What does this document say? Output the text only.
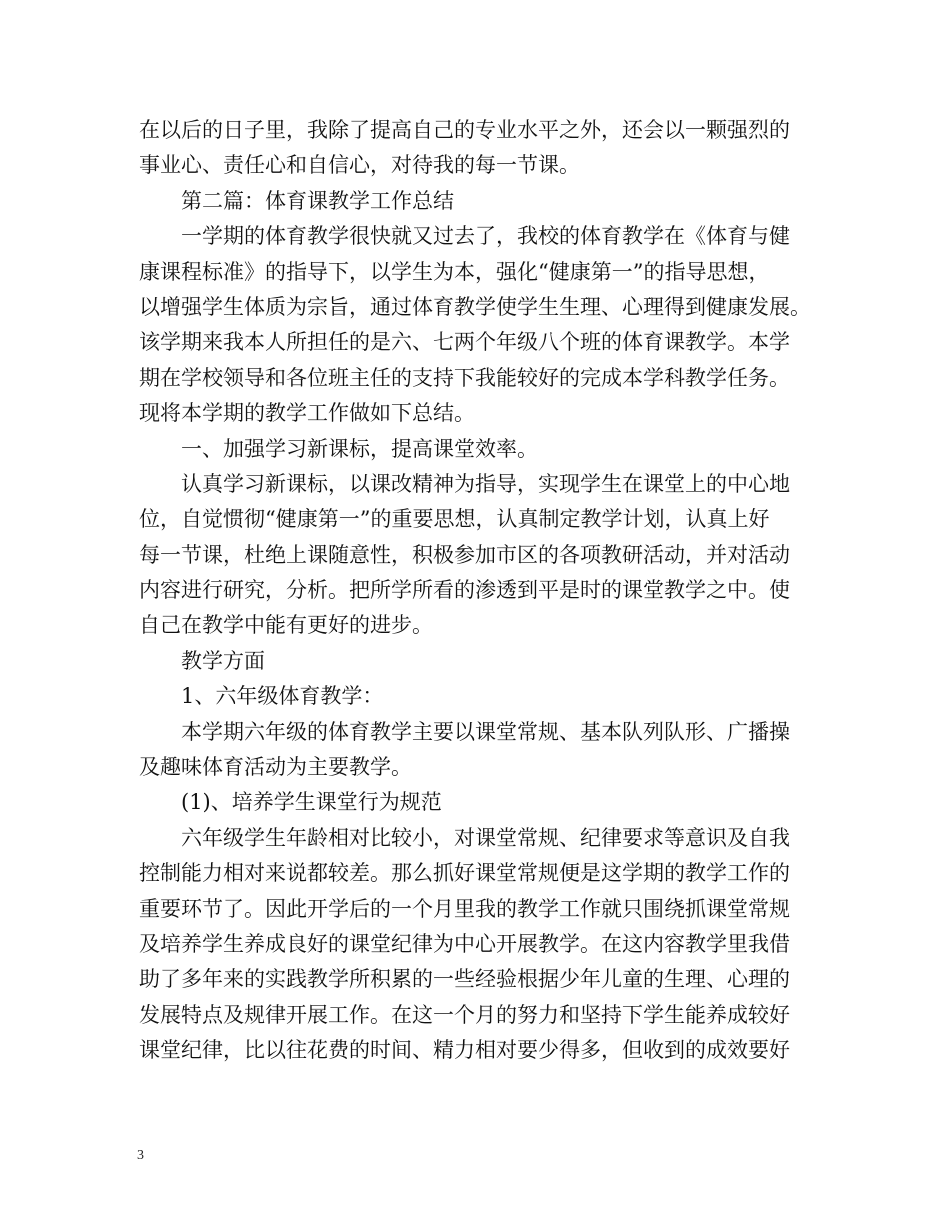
在以后的日子里，我除了提高自己的专业水平之外，还会以一颗强烈的
事业心、责任心和自信心，对待我的每一节课。
第二篇：体育课教学工作总结
一学期的体育教学很快就又过去了，我校的体育教学在《体育与健
康课程标准》的指导下，以学生为本，强化“健康第一”的指导思想，
以增强学生体质为宗旨，通过体育教学使学生生理、心理得到健康发展。
该学期来我本人所担任的是六、七两个年级八个班的体育课教学。本学
期在学校领导和各位班主任的支持下我能较好的完成本学科教学任务。
现将本学期的教学工作做如下总结。
一、加强学习新课标，提高课堂效率。
认真学习新课标，以课改精神为指导，实现学生在课堂上的中心地
位，自觉惯彻“健康第一”的重要思想，认真制定教学计划，认真上好
每一节课，杜绝上课随意性，积极参加市区的各项教研活动，并对活动
内容进行研究，分析。把所学所看的渗透到平是时的课堂教学之中。使
自己在教学中能有更好的进步。
教学方面
1、六年级体育教学：
本学期六年级的体育教学主要以课堂常规、基本队列队形、广播操
及趣味体育活动为主要教学。
(1)、培养学生课堂行为规范
六年级学生年龄相对比较小，对课堂常规、纪律要求等意识及自我
控制能力相对来说都较差。那么抓好课堂常规便是这学期的教学工作的
重要环节了。因此开学后的一个月里我的教学工作就只围绕抓课堂常规
及培养学生养成良好的课堂纪律为中心开展教学。在这内容教学里我借
助了多年来的实践教学所积累的一些经验根据少年儿童的生理、心理的
发展特点及规律开展工作。在这一个月的努力和坚持下学生能养成较好
课堂纪律，比以往花费的时间、精力相对要少得多，但收到的成效要好
3
